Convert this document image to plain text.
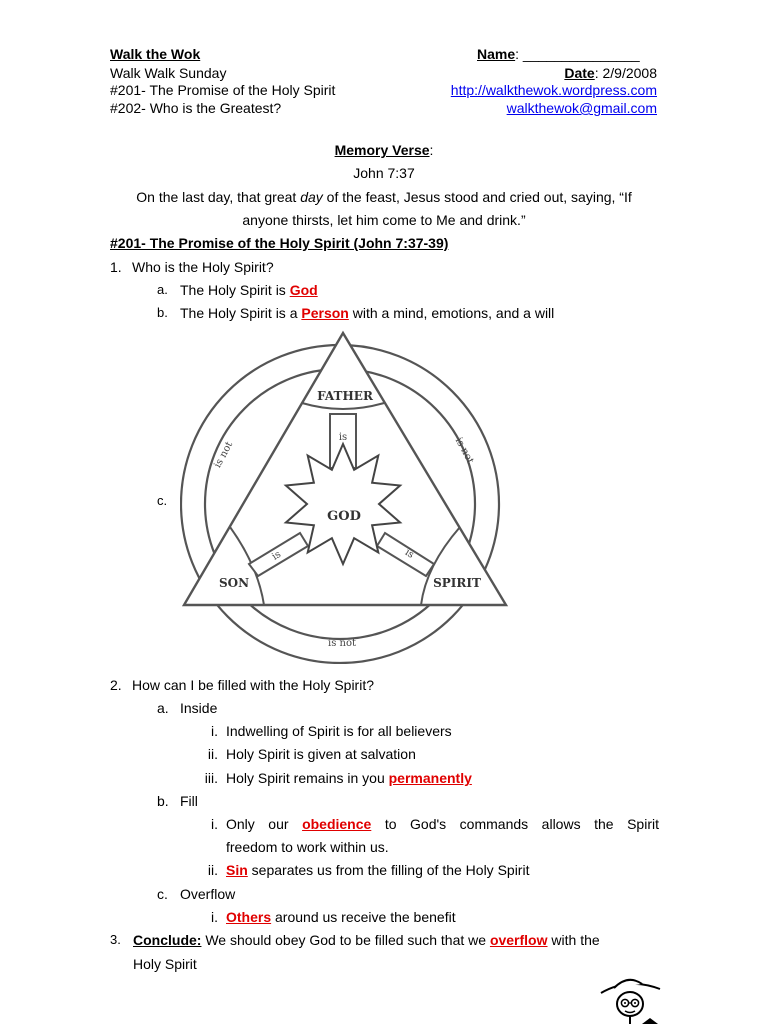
Walk the Wok
Walk Walk Sunday
#201- The Promise of the Holy Spirit
#202- Who is the Greatest?
Name: _______________
Date: 2/9/2008
http://walkthewok.wordpress.com
walkthewok@gmail.com
Memory Verse:
John 7:37
On the last day, that great day of the feast, Jesus stood and cried out, saying, “If
anyone thirsts, let him come to Me and drink.”
#201- The Promise of the Holy Spirit (John 7:37-39)
1. Who is the Holy Spirit?
a. The Holy Spirit is God
b. The Holy Spirit is a Person with a mind, emotions, and a will
c.
FATHER
SON	SPIRIT
GOD
is
is	is
is not	is not
is not
2. How can I be filled with the Holy Spirit?
a. Inside
i. Indwelling of Spirit is for all believers
ii. Holy Spirit is given at salvation
iii. Holy Spirit remains in you permanently
b. Fill
i. Only our obedience to God's commands allows the Spirit
freedom to work within us.
ii. Sin separates us from the filling of the Holy Spirit
c. Overflow
i. Others around us receive the benefit
3. Conclude: We should obey God to be filled such that we overflow with the
Holy Spirit
